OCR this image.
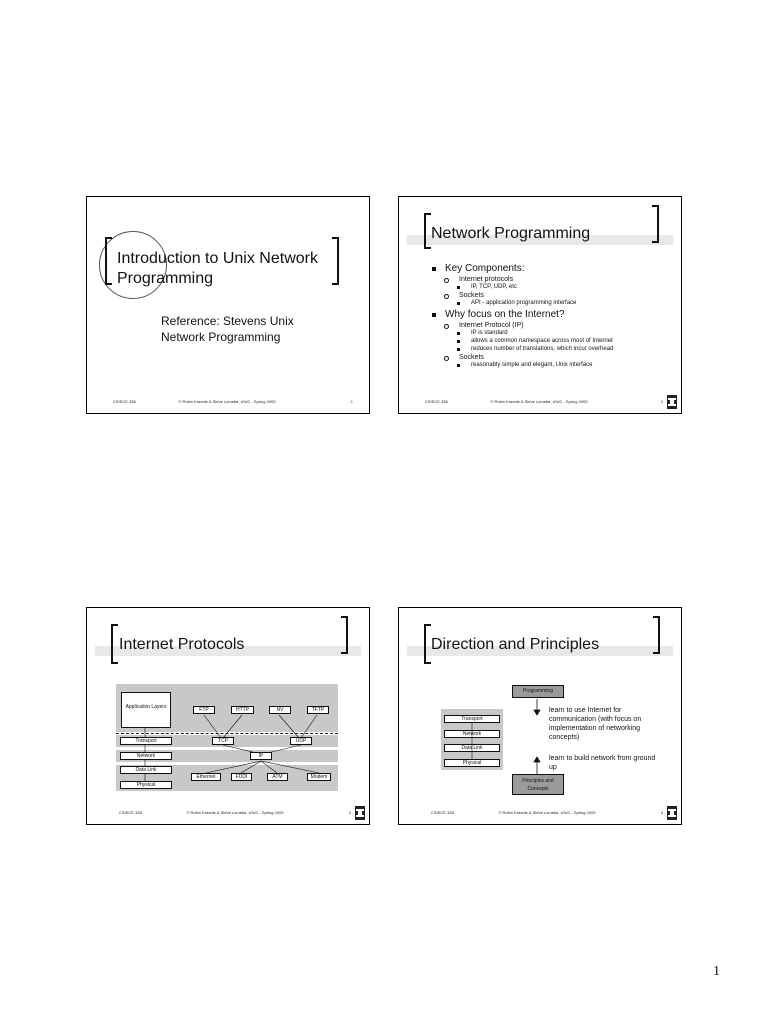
Introduction to Unix Network Programming
Reference: Stevens Unix Network Programming
CS/ECE 338	© Robin Kravets & Steve Lumetta, UIUC - Spring 2003	1
Network Programming
Key Components:
Internet protocols
IP, TCP, UDP, etc
Sockets
API - application programming interface
Why focus on the Internet?
Internet Protocol (IP)
IP is standard
allows a common namespace across most of Internet
reduces number of translations, which incur overhead
Sockets
reasonably simple and elegant, Unix interface
CS/ECE 338	© Robin Kravets & Steve Lumetta, UIUC - Spring 2003	2
Internet Protocols
Application Layers
Transport
Network
Data Link
Physical
FTP	HTTP	NV	TFTP
TCP	UDP
IP
Ethernet	FDDI	ATM	Modem
CS/ECE 338	© Robin Kravets & Steve Lumetta, UIUC - Spring 2003	3
Direction and Principles
Transport
Network
Data Link
Physical
Programming
Principles and Concepts
learn to use Internet for communication (with focus on implementation of networking concepts)
learn to build network from ground up
CS/ECE 338	© Robin Kravets & Steve Lumetta, UIUC - Spring 2003	4
1
